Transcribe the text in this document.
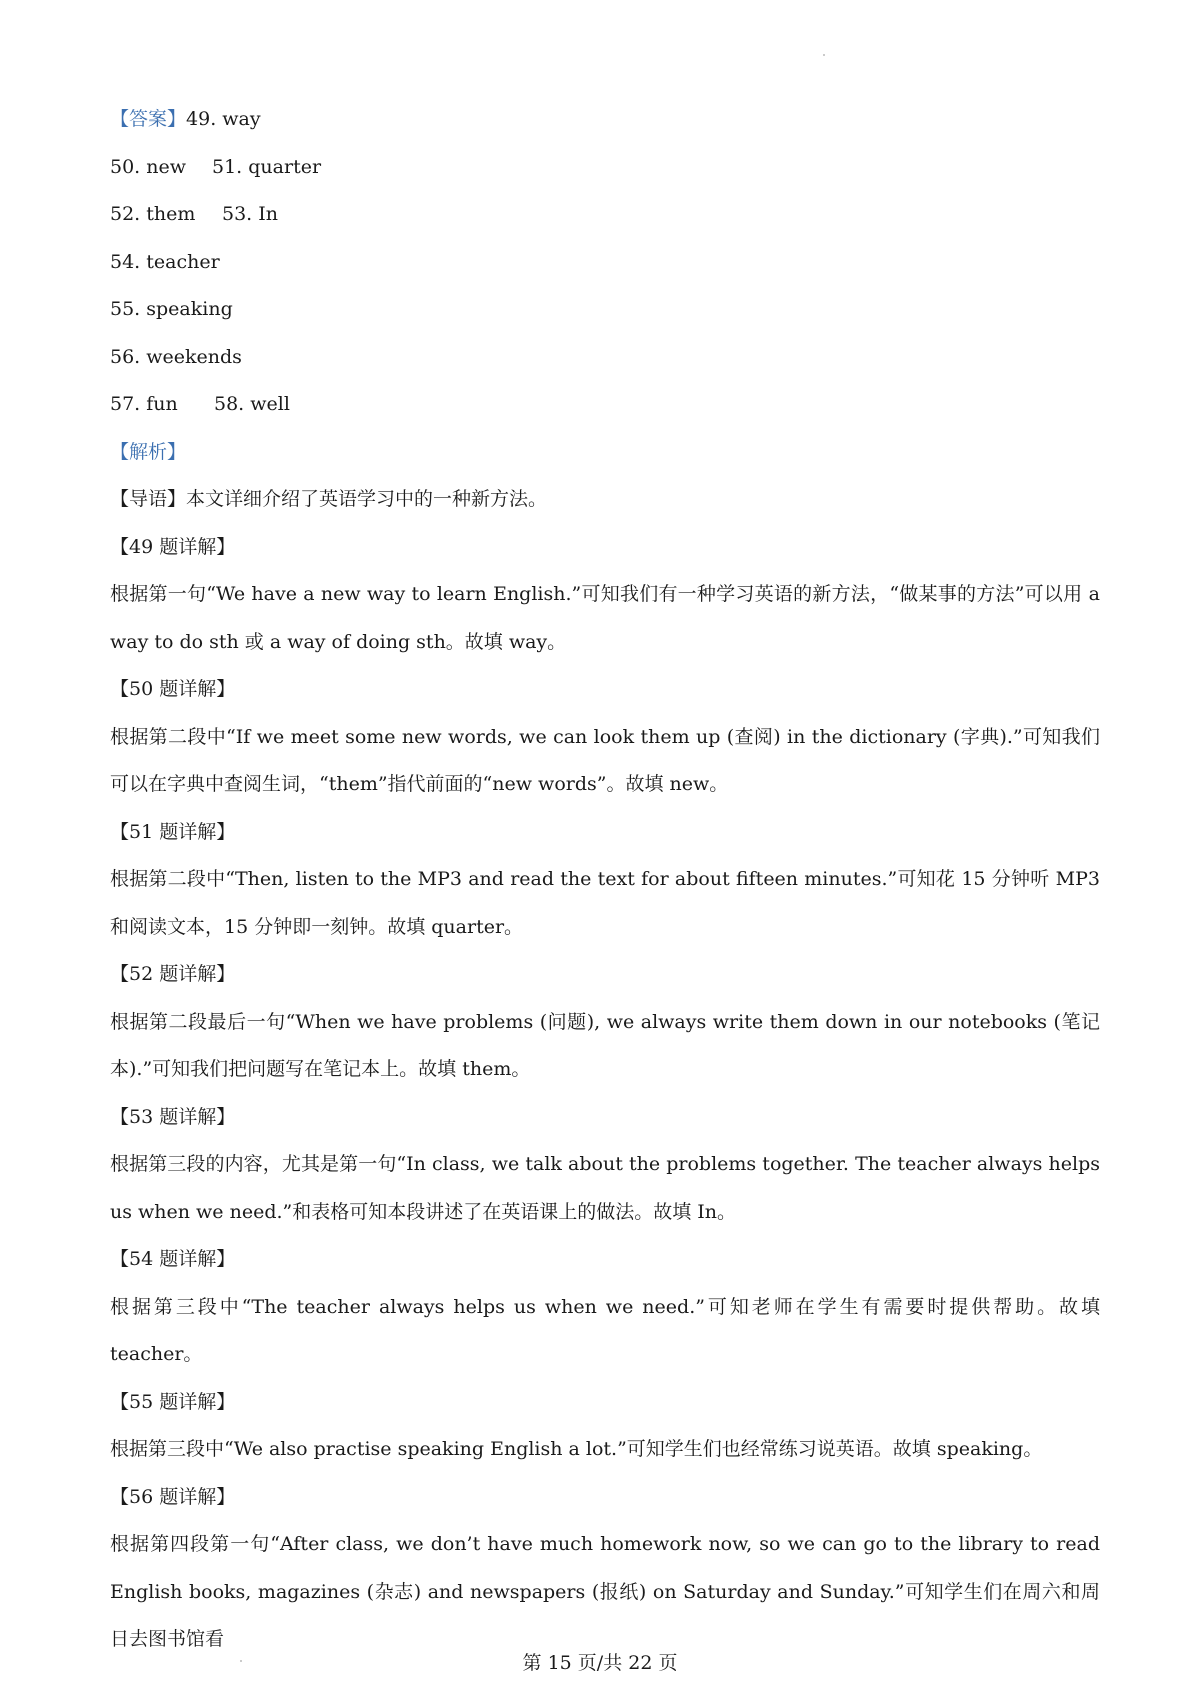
【答案】49. way

50. new 51. quarter

52. them 53. In

54. teacher

55. speaking

56. weekends

57. fun 58. well

【解析】

【导语】本文详细介绍了英语学习中的一种新方法。

【49 题详解】

根据第一句“We have a new way to learn English.”可知我们有一种学习英语的新方法，“做某事的方法”可以用 a way to do sth 或 a way of doing sth。故填 way。

【50 题详解】

根据第二段中“If we meet some new words, we can look them up (查阅) in the dictionary (字典).”可知我们可以在字典中查阅生词，“them”指代前面的“new words”。故填 new。

【51 题详解】

根据第二段中“Then, listen to the MP3 and read the text for about fifteen minutes.”可知花 15 分钟听 MP3 和阅读文本，15 分钟即一刻钟。故填 quarter。

【52 题详解】

根据第二段最后一句“When we have problems (问题), we always write them down in our notebooks (笔记本).”可知我们把问题写在笔记本上。故填 them。

【53 题详解】

根据第三段的内容，尤其是第一句“In class, we talk about the problems together. The teacher always helps us when we need.”和表格可知本段讲述了在英语课上的做法。故填 In。

【54 题详解】

根据第三段中“The teacher always helps us when we need.”可知老师在学生有需要时提供帮助。故填 teacher。

【55 题详解】

根据第三段中“We also practise speaking English a lot.”可知学生们也经常练习说英语。故填 speaking。

【56 题详解】

根据第四段第一句“After class, we don’t have much homework now, so we can go to the library to read English books, magazines (杂志) and newspapers (报纸) on Saturday and Sunday.”可知学生们在周六和周日去图书馆看

第 15 页/共 22 页
